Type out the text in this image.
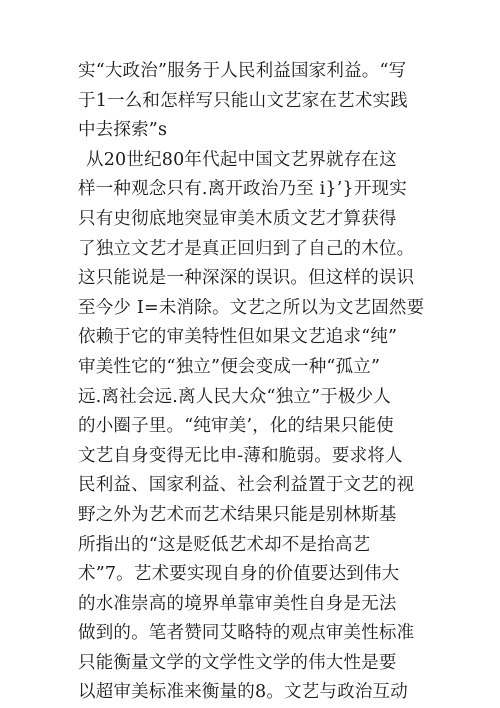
实“大政治”服务于人民利益国家利益。“写
于1一么和怎样写只能山文艺家在艺术实践
中去探索”s
从20世纪80年代起中国文艺界就存在这
样一种观念只有.离开政治乃至 i}’}开现实
只有史彻底地突显审美木质文艺才算获得
了独立文艺才是真正回归到了自己的木位。
这只能说是一种深深的误识。但这样的误识
至今少 I=未消除。文艺之所以为文艺固然要
依赖于它的审美特性但如果文艺追求“纯”
审美性它的“独立”便会变成一种“孤立”
远.离社会远.离人民大众“独立”于极少人
的小圈子里。“纯审美’，化的结果只能使
文艺自身变得无比申-薄和脆弱。要求将人
民利益、国家利益、社会利益置于文艺的视
野之外为艺术而艺术结果只能是别林斯基
所指出的“这是贬低艺术却不是抬高艺
术”7。艺术要实现自身的价值要达到伟大
的水准崇高的境界单靠审美性自身是无法
做到的。笔者赞同艾略特的观点审美性标准
只能衡量文学的文学性文学的伟大性是要
以超审美标准来衡量的8。文艺与政治互动
